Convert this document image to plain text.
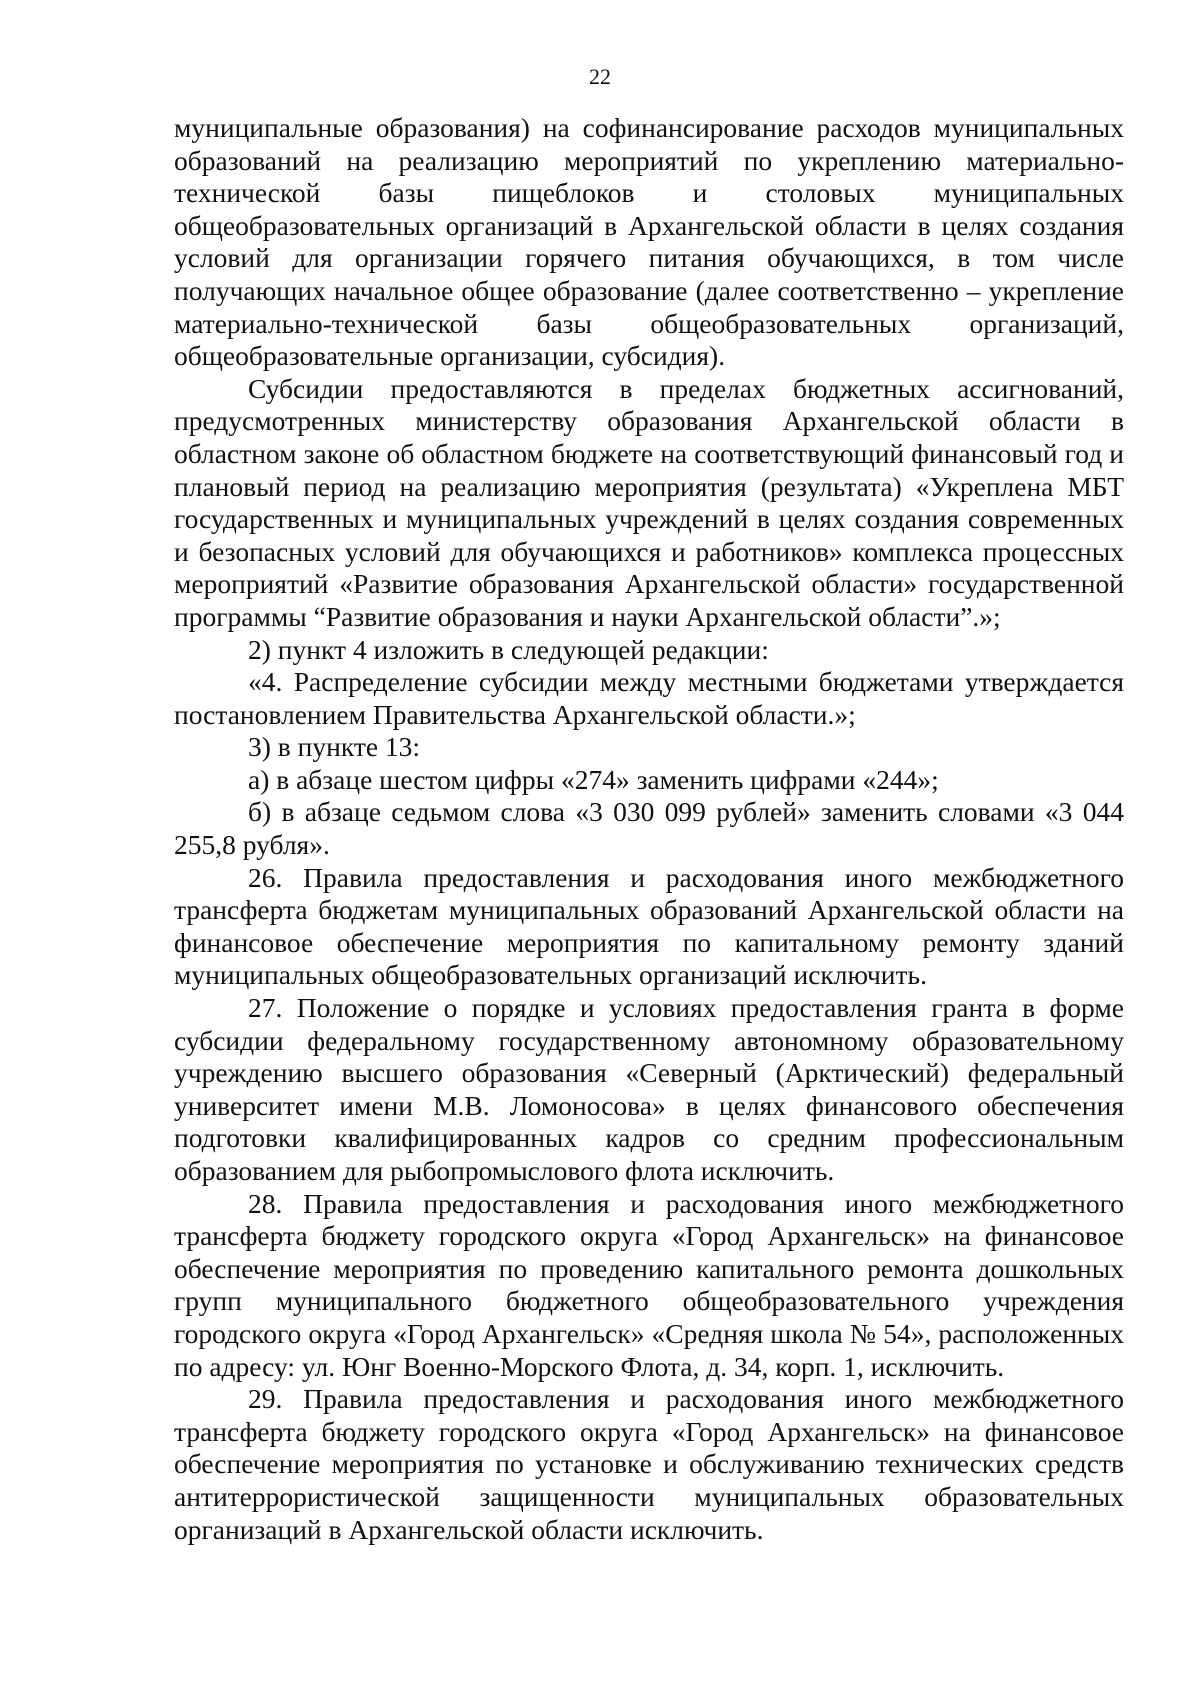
22

муниципальные образования) на софинансирование расходов муниципальных образований на реализацию мероприятий по укреплению материально-технической базы пищеблоков и столовых муниципальных общеобразовательных организаций в Архангельской области в целях создания условий для организации горячего питания обучающихся, в том числе получающих начальное общее образование (далее соответственно – укрепление материально-технической базы общеобразовательных организаций, общеобразовательные организации, субсидия).

Субсидии предоставляются в пределах бюджетных ассигнований, предусмотренных министерству образования Архангельской области в областном законе об областном бюджете на соответствующий финансовый год и плановый период на реализацию мероприятия (результата) «Укреплена МБТ государственных и муниципальных учреждений в целях создания современных и безопасных условий для обучающихся и работников» комплекса процессных мероприятий «Развитие образования Архангельской области» государственной программы “Развитие образования и науки Архангельской области”.»;

2) пункт 4 изложить в следующей редакции:

«4. Распределение субсидии между местными бюджетами утверждается постановлением Правительства Архангельской области.»;

3) в пункте 13:

а) в абзаце шестом цифры «274» заменить цифрами «244»;

б) в абзаце седьмом слова «3 030 099 рублей» заменить словами «3 044 255,8 рубля».

26. Правила предоставления и расходования иного межбюджетного трансферта бюджетам муниципальных образований Архангельской области на финансовое обеспечение мероприятия по капитальному ремонту зданий муниципальных общеобразовательных организаций исключить.

27. Положение о порядке и условиях предоставления гранта в форме субсидии федеральному государственному автономному образовательному учреждению высшего образования «Северный (Арктический) федеральный университет имени М.В. Ломоносова» в целях финансового обеспечения подготовки квалифицированных кадров со средним профессиональным образованием для рыбопромыслового флота исключить.

28. Правила предоставления и расходования иного межбюджетного трансферта бюджету городского округа «Город Архангельск» на финансовое обеспечение мероприятия по проведению капитального ремонта дошкольных групп муниципального бюджетного общеобразовательного учреждения городского округа «Город Архангельск» «Средняя школа № 54», расположенных по адресу: ул. Юнг Военно-Морского Флота, д. 34, корп. 1, исключить.

29. Правила предоставления и расходования иного межбюджетного трансферта бюджету городского округа «Город Архангельск» на финансовое обеспечение мероприятия по установке и обслуживанию технических средств антитеррористической защищенности муниципальных образовательных организаций в Архангельской области исключить.
